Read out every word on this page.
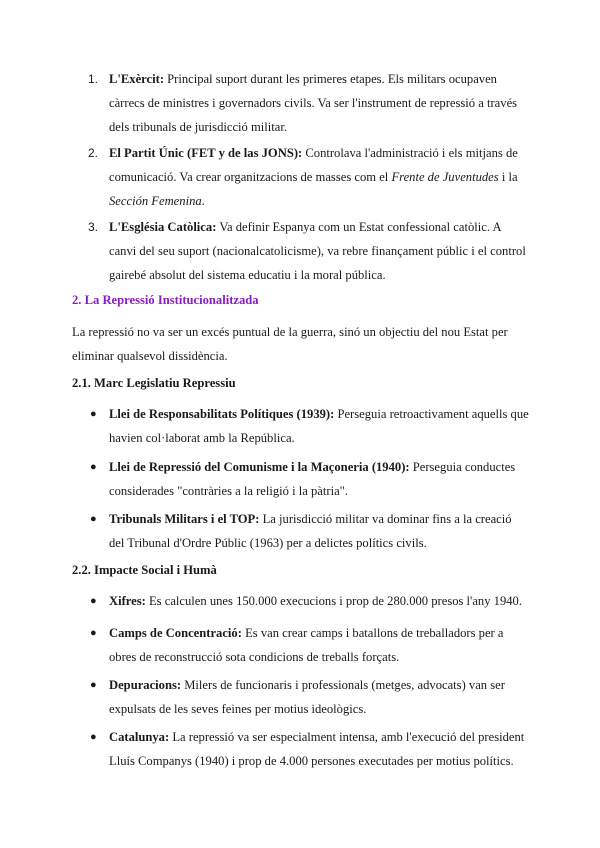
1. L'Exèrcit: Principal suport durant les primeres etapes. Els militars ocupaven càrrecs de ministres i governadors civils. Va ser l'instrument de repressió a través dels tribunals de jurisdicció militar.

2. El Partit Únic (FET y de las JONS): Controlava l'administració i els mitjans de comunicació. Va crear organitzacions de masses com el Frente de Juventudes i la Sección Femenina.

3. L'Església Catòlica: Va definir Espanya com un Estat confessional catòlic. A canvi del seu suport (nacionalcatolicisme), va rebre finançament públic i el control gairebé absolut del sistema educatiu i la moral pública.

2. La Repressió Institucionalitzada

La repressió no va ser un excés puntual de la guerra, sinó un objectiu del nou Estat per eliminar qualsevol dissidència.

2.1. Marc Legislatiu Repressiu

● Llei de Responsabilitats Polítiques (1939): Perseguia retroactivament aquells que havien col·laborat amb la República.

● Llei de Repressió del Comunisme i la Maçoneria (1940): Perseguia conductes considerades "contràries a la religió i la pàtria".

● Tribunals Militars i el TOP: La jurisdicció militar va dominar fins a la creació del Tribunal d'Ordre Públic (1963) per a delictes polítics civils.

2.2. Impacte Social i Humà

● Xifres: Es calculen unes 150.000 execucions i prop de 280.000 presos l'any 1940.

● Camps de Concentració: Es van crear camps i batallons de treballadors per a obres de reconstrucció sota condicions de treballs forçats.

● Depuracions: Milers de funcionaris i professionals (metges, advocats) van ser expulsats de les seves feines per motius ideològics.

● Catalunya: La repressió va ser especialment intensa, amb l'execució del president Lluís Companys (1940) i prop de 4.000 persones executades per motius polítics.
